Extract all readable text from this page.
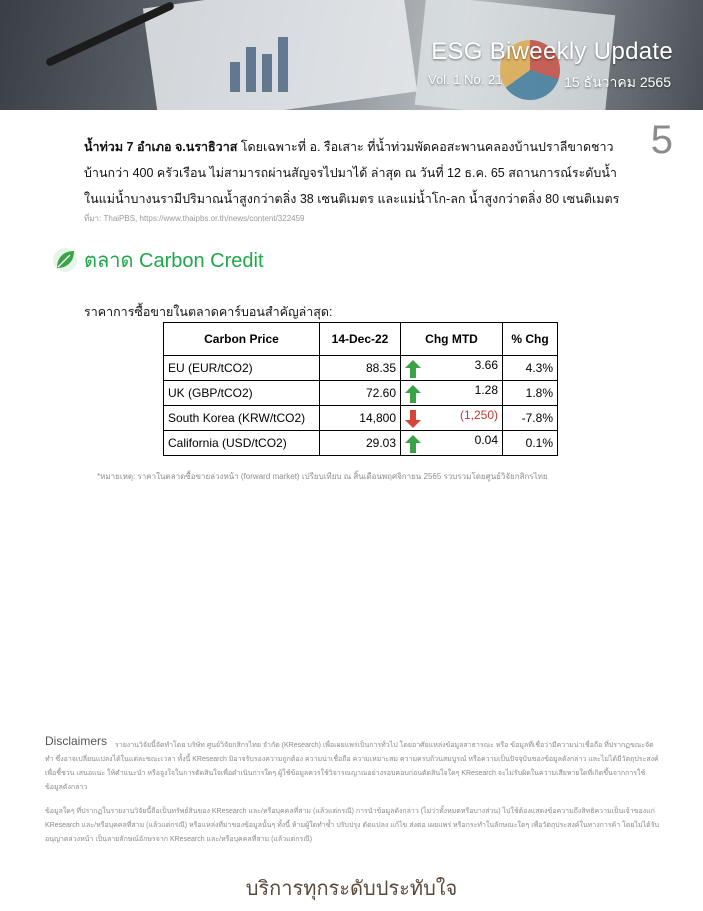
ESG Biweekly Update
Vol. 1 No. 21	15 ธันวาคม 2565
5
น้ำท่วม 7 อำเภอ จ.นราธิวาส โดยเฉพาะที่ อ. รือเสาะ ที่น้ำท่วมพัดคอสะพานคลองบ้านปราลีขาดชาวบ้านกว่า 400 ครัวเรือน ไม่สามารถผ่านสัญจรไปมาได้ ล่าสุด ณ วันที่ 12 ธ.ค. 65 สถานการณ์ระดับน้ำในแม่น้ำบางนรามีปริมาณน้ำสูงกว่าตลิ่ง 38 เซนติเมตร และแม่น้ำโก-ลก น้ำสูงกว่าตลิ่ง 80 เซนติเมตร
ที่มา: ThaiPBS, https://www.thaipbs.or.th/news/content/322459
ตลาด Carbon Credit
ราคาการซื้อขายในตลาดคาร์บอนสำคัญล่าสุด:
Carbon Price	14-Dec-22	Chg MTD	% Chg
EU (EUR/tCO2)	88.35	3.66	4.3%
UK (GBP/tCO2)	72.60	1.28	1.8%
South Korea (KRW/tCO2)	14,800	(1,250)	-7.8%
California (USD/tCO2)	29.03	0.04	0.1%
*หมายเหตุ: ราคาในตลาดซื้อขายล่วงหน้า (forward market) เปรียบเทียบ ณ สิ้นเดือนพฤศจิกายน 2565 รวบรวมโดยศูนย์วิจัยกสิกรไทย
Disclaimers	รายงานวิจัยนี้จัดทำโดย บริษัท ศูนย์วิจัยกสิกรไทย จำกัด (KResearch) เพื่อเผยแพร่เป็นการทั่วไป โดยอาศัยแหล่งข้อมูลสาธารณะ หรือ ข้อมูลที่เชื่อว่ามีความน่าเชื่อถือ ที่ปรากฏขณะจัดทำ ซึ่งอาจเปลี่ยนแปลงได้ในแต่ละขณะเวลา ทั้งนี้ KResearch มิอาจรับรองความถูกต้อง ความน่าเชื่อถือ ความเหมาะสม ความครบถ้วนสมบูรณ์ หรือความเป็นปัจจุบันของข้อมูลดังกล่าว และไม่ได้มีวัตถุประสงค์เพื่อชี้ชวน เสนอแนะ ให้คำแนะนำ หรือจูงใจในการตัดสินใจเพื่อดำเนินการใดๆ ผู้ใช้ข้อมูลควรใช้วิจารณญาณอย่างรอบคอบก่อนตัดสินใจใดๆ KResearch จะไม่รับผิดในความเสียหายใดที่เกิดขึ้นจากการใช้ข้อมูลดังกล่าว
ข้อมูลใดๆ ที่ปรากฏในรายงานวิจัยนี้ถือเป็นทรัพย์สินของ KResearch และ/หรือบุคคลที่สาม (แล้วแต่กรณี) การนำข้อมูลดังกล่าว (ไม่ว่าทั้งหมดหรือบางส่วน) ไปใช้ต้องแสดงข้อความถึงสิทธิความเป็นเจ้าของแก่ KResearch และ/หรือบุคคลที่สาม (แล้วแต่กรณี) หรือแหล่งที่มาของข้อมูลนั้นๆ ทั้งนี้ ห้ามผู้ใดทำซ้ำ ปรับปรุง ดัดแปลง แก้ไข ส่งต่อ เผยแพร่ หรือกระทำในลักษณะใดๆ เพื่อวัตถุประสงค์ในทางการค้า โดยไม่ได้รับอนุญาตล่วงหน้า เป็นลายลักษณ์อักษรจาก KResearch และ/หรือบุคคลที่สาม (แล้วแต่กรณี)
บริการทุกระดับประทับใจ
